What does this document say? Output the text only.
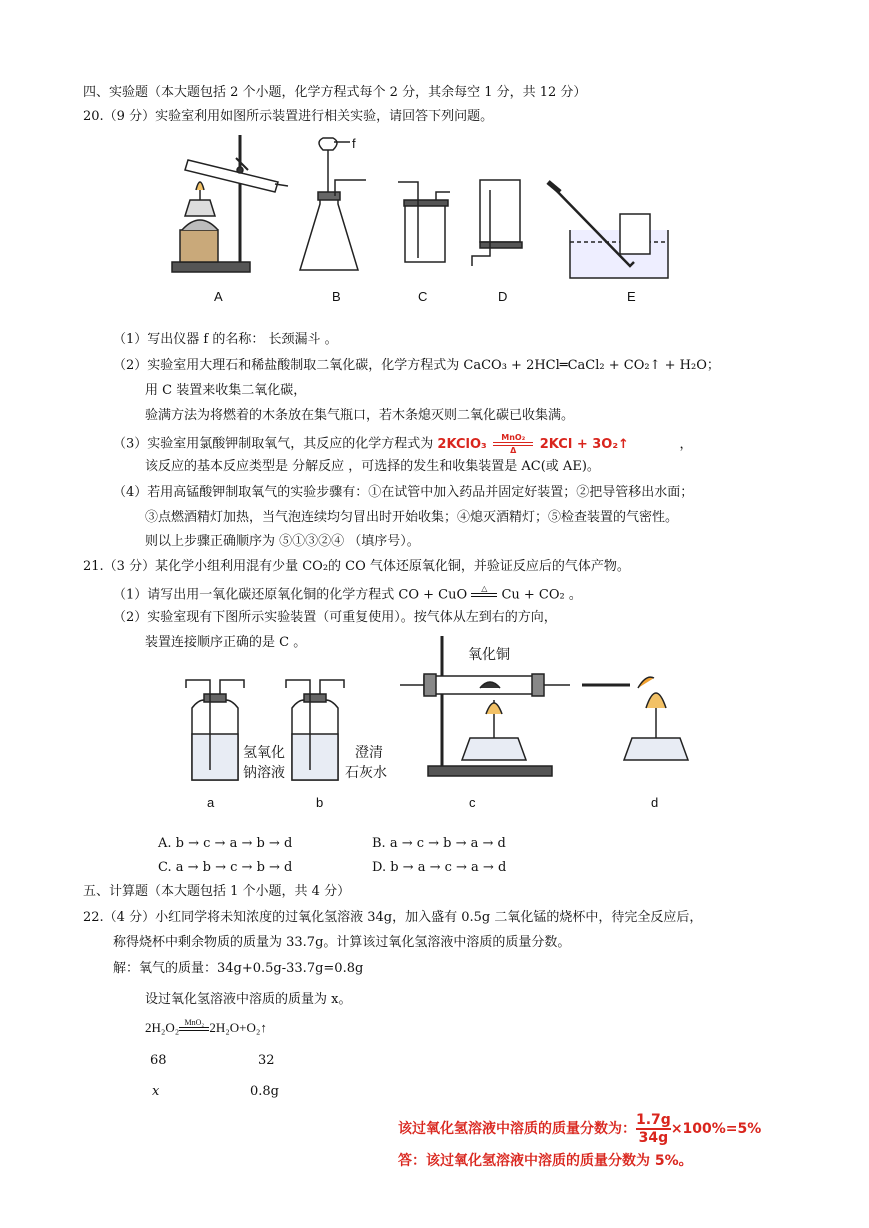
四、实验题（本大题包括 2 个小题，化学方程式每个 2 分，其余每空 1 分，共 12 分）
20.（9 分）实验室利用如图所示装置进行相关实验，请回答下列问题。
A	B	C	D	E
f
（1）写出仪器 f 的名称： 长颈漏斗 。
（2）实验室用大理石和稀盐酸制取二氧化碳，化学方程式为 CaCO₃ + 2HCl═CaCl₂ + CO₂↑ + H₂O；
用 C 装置来收集二氧化碳，
验满方法为将燃着的木条放在集气瓶口，若木条熄灭则二氧化碳已收集满。
（3）实验室用氯酸钾制取氧气，其反应的化学方程式为 2KClO₃	MnO₂
Δ	2KCl + 3O₂↑	，
该反应的基本反应类型是 分解反应 ，可选择的发生和收集装置是 AC(或 AE)。
（4）若用高锰酸钾制取氧气的实验步骤有：①在试管中加入药品并固定好装置；②把导管移出水面；
③点燃酒精灯加热，当气泡连续均匀冒出时开始收集；④熄灭酒精灯；⑤检查装置的气密性。
则以上步骤正确顺序为 ⑤①③②④ （填序号）。
21.（3 分）某化学小组利用混有少量 CO₂的 CO 气体还原氧化铜，并验证反应后的气体产物。
（1）请写出用一氧化碳还原氧化铜的化学方程式 CO + CuO	△
	Cu + CO₂ 。
（2）实验室现有下图所示实验装置（可重复使用）。按气体从左到右的方向，
装置连接顺序正确的是 C 。
氧化铜
氢氧化
钠溶液
澄清
石灰水
a	b	c	d
A. b → c → a → b → d	B. a → c → b → a → d
C. a → b → c → b → d	D. b → a → c → a → d
五、计算题（本大题包括 1 个小题，共 4 分）
22.（4 分）小红同学将未知浓度的过氧化氢溶液 34g，加入盛有 0.5g 二氧化锰的烧杯中，待完全反应后，
称得烧杯中剩余物质的质量为 33.7g。计算该过氧化氢溶液中溶质的质量分数。
解：氧气的质量：34g+0.5g-33.7g=0.8g
设过氧化氢溶液中溶质的质量为 x。
2H₂O₂ MnO₂
2H₂O+O₂↑
68	32
x	0.8g
该过氧化氢溶液中溶质的质量分数为： $\frac{1.7g}{34g} \times 100\%=5\%$
答：该过氧化氢溶液中溶质的质量分数为 5%。
